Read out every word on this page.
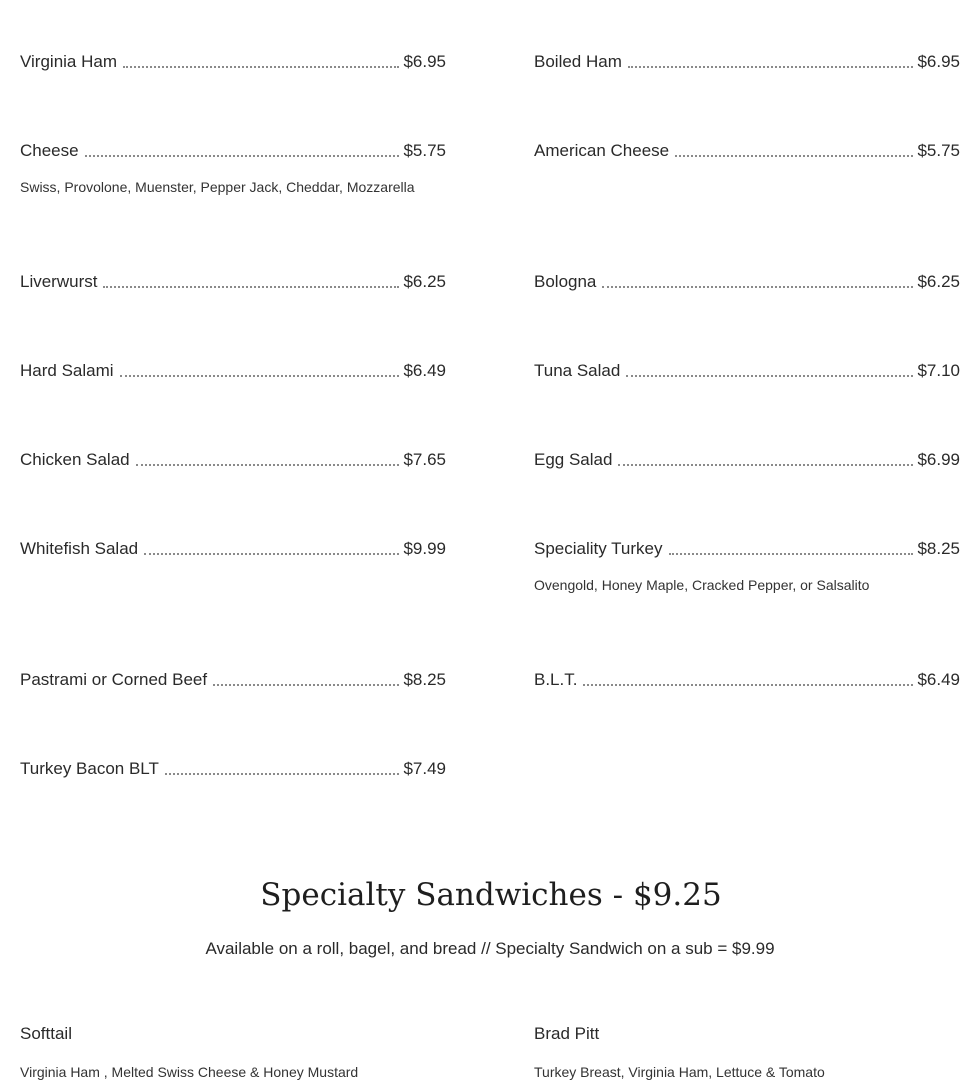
Virginia Ham	$6.95	Boiled Ham	$6.95
Cheese	$5.75
Swiss, Provolone, Muenster, Pepper Jack, Cheddar, Mozzarella
American Cheese	$5.75
Liverwurst	$6.25	Bologna	$6.25
Hard Salami	$6.49	Tuna Salad	$7.10
Chicken Salad	$7.65	Egg Salad	$6.99
Whitefish Salad	$9.99	Speciality Turkey	$8.25
Ovengold, Honey Maple, Cracked Pepper, or Salsalito
Pastrami or Corned Beef	$8.25	B.L.T.	$6.49
Turkey Bacon BLT	$7.49
Specialty Sandwiches - $9.25
Available on a roll, bagel, and bread // Specialty Sandwich on a sub = $9.99
Softtail
Virginia Ham , Melted Swiss Cheese & Honey Mustard
Brad Pitt
Turkey Breast, Virginia Ham, Lettuce & Tomato
